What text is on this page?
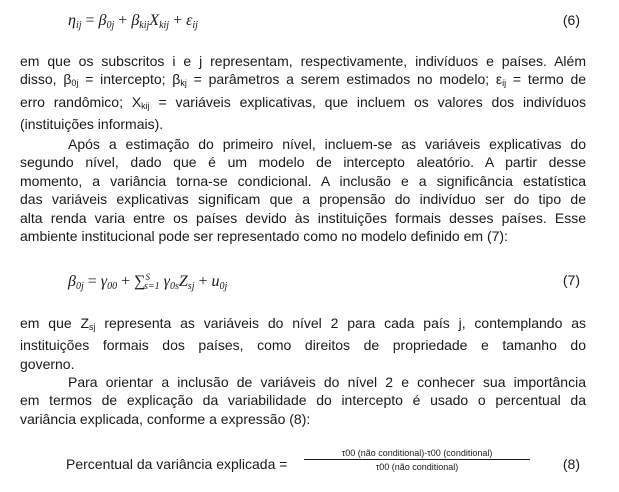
$\eta_{ij} = \beta_{0j} + \beta_{kij}X_{kij} + \varepsilon_{ij}$	(6)
em que os subscritos i e j representam, respectivamente, indivíduos e países. Além
disso, $\beta_{0j}$ = intercepto; $\beta_{kj}$ = parâmetros a serem estimados no modelo; $\varepsilon_{ij}$ = termo de
erro randômico; $X_{kij}$ = variáveis explicativas, que incluem os valores dos indivíduos
(instituições informais).
Após a estimação do primeiro nível, incluem-se as variáveis explicativas do
segundo nível, dado que é um modelo de intercepto aleatório. A partir desse
momento, a variância torna-se condicional. A inclusão e a significância estatística
das variáveis explicativas significam que a propensão do indivíduo ser do tipo de
alta renda varia entre os países devido às instituições formais desses países. Esse
ambiente institucional pode ser representado como no modelo definido em (7):
$\beta_{0j} = \gamma_{00} + \sum^S_{s=1}$ $\gamma_{0s}Z_{sj} + u_{0j}$	(7)
em que $Z_{sj}$ representa as variáveis do nível 2 para cada país j, contemplando as
instituições formais dos países, como direitos de propriedade e tamanho do
governo.
Para orientar a inclusão de variáveis do nível 2 e conhecer sua importância
em termos de explicação da variabilidade do intercepto é usado o percentual da
variância explicada, conforme a expressão (8):
Percentual da variância explicada =
τ00 (não conditional)-τ00 (conditional)
τ00 (não conditional)	(8)
